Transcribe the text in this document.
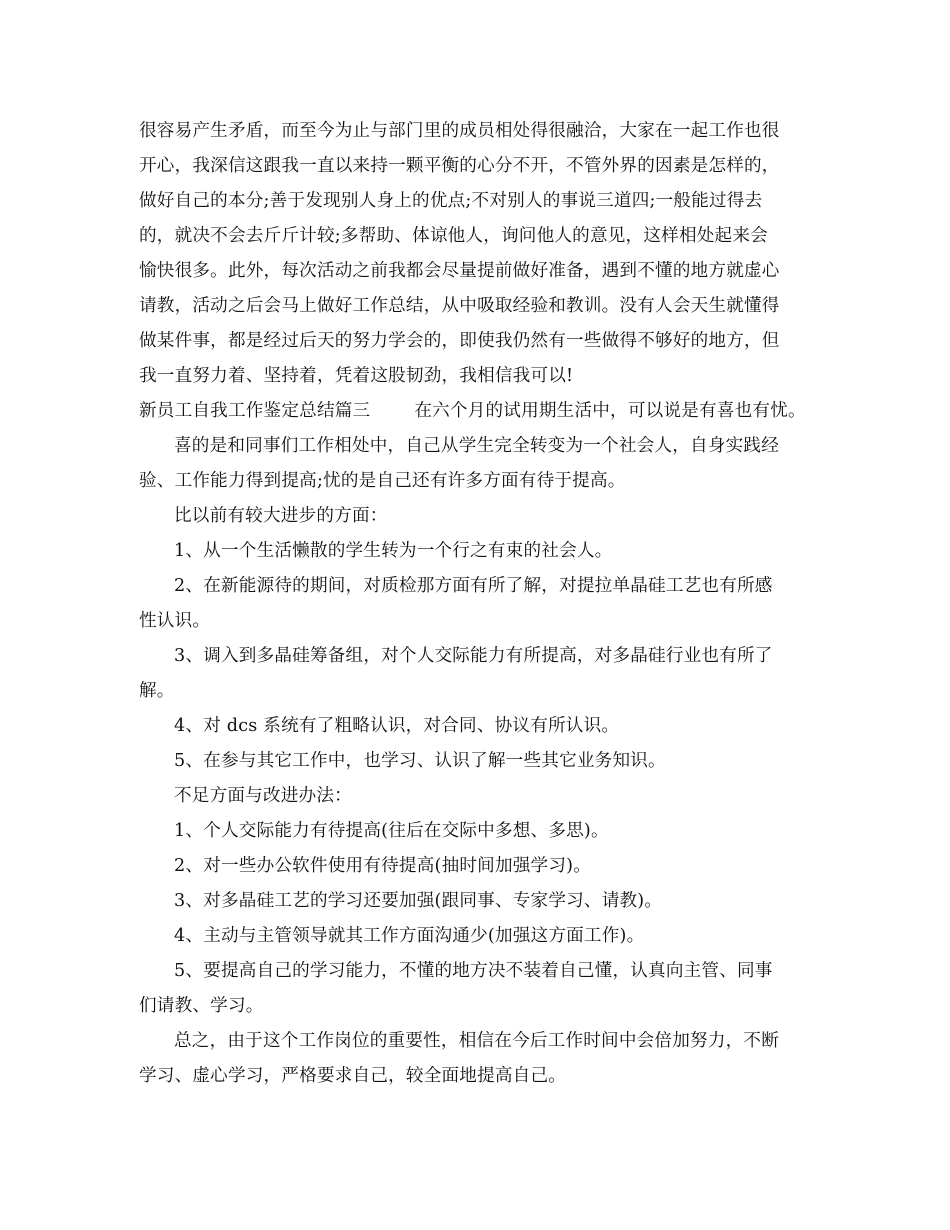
很容易产生矛盾，而至今为止与部门里的成员相处得很融洽，大家在一起工作也很

开心，我深信这跟我一直以来持一颗平衡的心分不开，不管外界的因素是怎样的，

做好自己的本分;善于发现别人身上的优点;不对别人的事说三道四;一般能过得去

的，就决不会去斤斤计较;多帮助、体谅他人，询问他人的意见，这样相处起来会

愉快很多。此外，每次活动之前我都会尽量提前做好准备，遇到不懂的地方就虚心

请教，活动之后会马上做好工作总结，从中吸取经验和教训。没有人会天生就懂得

做某件事，都是经过后天的努力学会的，即使我仍然有一些做得不够好的地方，但

我一直努力着、坚持着，凭着这股韧劲，我相信我可以!

新员工自我工作鉴定总结篇三	在六个月的试用期生活中，可以说是有喜也有忧。

喜的是和同事们工作相处中，自己从学生完全转变为一个社会人，自身实践经

验、工作能力得到提高;忧的是自己还有许多方面有待于提高。

比以前有较大进步的方面：

1、从一个生活懒散的学生转为一个行之有束的社会人。

2、在新能源待的期间，对质检那方面有所了解，对提拉单晶硅工艺也有所感

性认识。

3、调入到多晶硅筹备组，对个人交际能力有所提高，对多晶硅行业也有所了

解。

4、对 dcs 系统有了粗略认识，对合同、协议有所认识。

5、在参与其它工作中，也学习、认识了解一些其它业务知识。

不足方面与改进办法：

1、个人交际能力有待提高(往后在交际中多想、多思)。

2、对一些办公软件使用有待提高(抽时间加强学习)。

3、对多晶硅工艺的学习还要加强(跟同事、专家学习、请教)。

4、主动与主管领导就其工作方面沟通少(加强这方面工作)。

5、要提高自己的学习能力，不懂的地方决不装着自己懂，认真向主管、同事

们请教、学习。

总之，由于这个工作岗位的重要性，相信在今后工作时间中会倍加努力，不断

学习、虚心学习，严格要求自己，较全面地提高自己。
